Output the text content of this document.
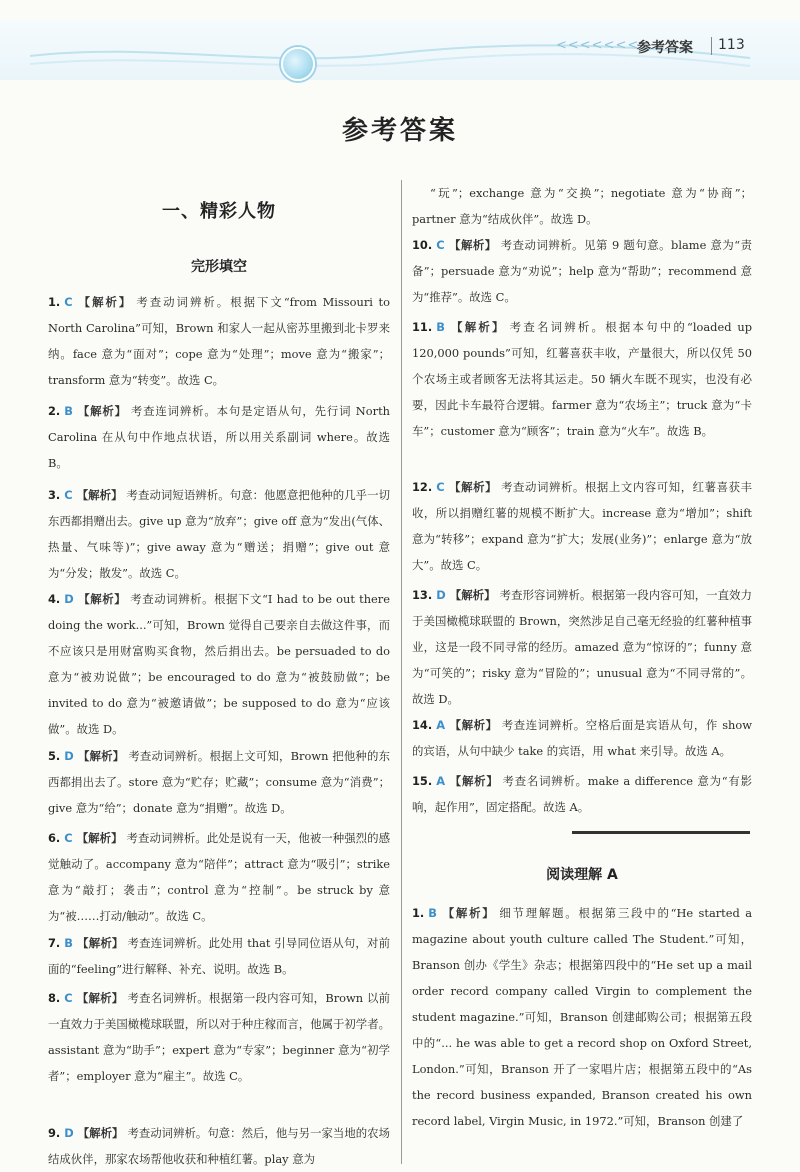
<<<<<<<
参考答案 113
参考答案
一、精彩人物
完形填空
1. C 【解析】 考查动词辨析。根据下文“from Missouri to North Carolina”可知，Brown 和家人一起从密苏里搬到北卡罗来纳。face 意为“面对”；cope 意为“处理”；move 意为“搬家”；transform 意为“转变”。故选 C。
2. B 【解析】 考查连词辨析。本句是定语从句，先行词 North Carolina 在从句中作地点状语，所以用关系副词 where。故选 B。
3. C 【解析】 考查动词短语辨析。句意：他愿意把他种的几乎一切东西都捐赠出去。give up 意为“放弃”；give off 意为“发出(气体、热量、气味等)”；give away 意为“赠送；捐赠”；give out 意为“分发；散发”。故选 C。
4. D 【解析】 考查动词辨析。根据下文“I had to be out there doing the work...”可知，Brown 觉得自己要亲自去做这件事，而不应该只是用财富购买食物，然后捐出去。be persuaded to do 意为“被劝说做”；be encouraged to do 意为“被鼓励做”；be invited to do 意为“被邀请做”；be supposed to do 意为“应该做”。故选 D。
5. D 【解析】 考查动词辨析。根据上文可知，Brown 把他种的东西都捐出去了。store 意为“贮存；贮藏”；consume 意为“消费”；give 意为“给”；donate 意为“捐赠”。故选 D。
6. C 【解析】 考查动词辨析。此处是说有一天，他被一种强烈的感觉触动了。accompany 意为“陪伴”；attract 意为“吸引”；strike 意为“敲打；袭击”；control 意为“控制”。be struck by 意为“被……打动/触动”。故选 C。
7. B 【解析】 考查连词辨析。此处用 that 引导同位语从句，对前面的“feeling”进行解释、补充、说明。故选 B。
8. C 【解析】 考查名词辨析。根据第一段内容可知，Brown 以前一直效力于美国橄榄球联盟，所以对于种庄稼而言，他属于初学者。assistant 意为“助手”；expert 意为“专家”；beginner 意为“初学者”；employer 意为“雇主”。故选 C。
9. D 【解析】 考查动词辨析。句意：然后，他与另一家当地的农场结成伙伴，那家农场帮他收获和种植红薯。play 意为
“玩”；exchange 意为“交换”；negotiate 意为“协商”；partner 意为“结成伙伴”。故选 D。
10. C 【解析】 考查动词辨析。见第 9 题句意。blame 意为“责备”；persuade 意为“劝说”；help 意为“帮助”；recommend 意为“推荐”。故选 C。
11. B 【解析】 考查名词辨析。根据本句中的“loaded up 120,000 pounds”可知，红薯喜获丰收，产量很大，所以仅凭 50 个农场主或者顾客无法将其运走。50 辆火车既不现实，也没有必要，因此卡车最符合逻辑。farmer 意为“农场主”；truck 意为“卡车”；customer 意为“顾客”；train 意为“火车”。故选 B。
12. C 【解析】 考查动词辨析。根据上文内容可知，红薯喜获丰收，所以捐赠红薯的规模不断扩大。increase 意为“增加”；shift 意为“转移”；expand 意为“扩大；发展(业务)”；enlarge 意为“放大”。故选 C。
13. D 【解析】 考查形容词辨析。根据第一段内容可知，一直效力于美国橄榄球联盟的 Brown，突然涉足自己毫无经验的红薯种植事业，这是一段不同寻常的经历。amazed 意为“惊讶的”；funny 意为“可笑的”；risky 意为“冒险的”；unusual 意为“不同寻常的”。故选 D。
14. A 【解析】 考查连词辨析。空格后面是宾语从句，作 show 的宾语，从句中缺少 take 的宾语，用 what 来引导。故选 A。
15. A 【解析】 考查名词辨析。make a difference 意为“有影响，起作用”，固定搭配。故选 A。
阅读理解 A
1. B 【解析】 细节理解题。根据第三段中的“He started a magazine about youth culture called The Student.”可知，Branson 创办《学生》杂志；根据第四段中的“He set up a mail order record company called Virgin to complement the student magazine.”可知，Branson 创建邮购公司；根据第五段中的“... he was able to get a record shop on Oxford Street, London.”可知，Branson 开了一家唱片店；根据第五段中的“As the record business expanded, Branson created his own record label, Virgin Music, in 1972.”可知，Branson 创建了
